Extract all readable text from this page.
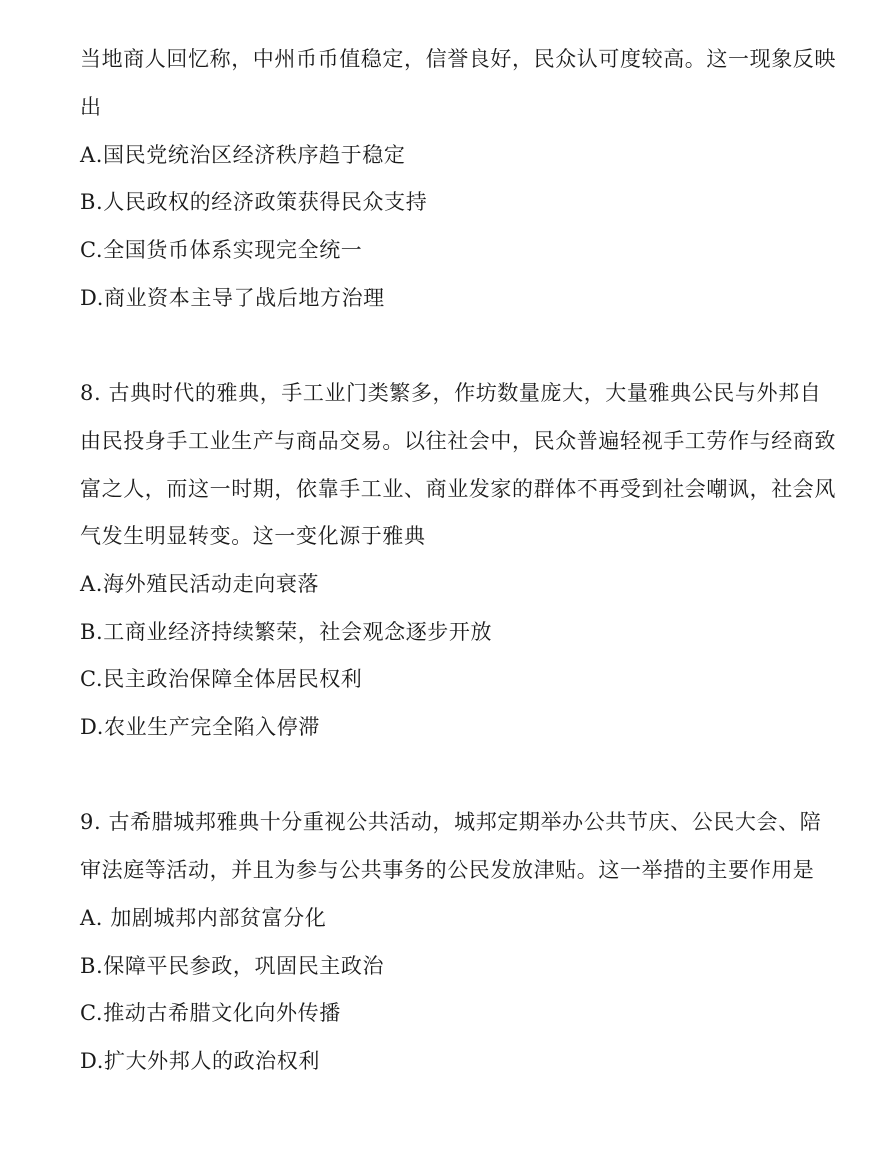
当地商人回忆称，中州币币值稳定，信誉良好，民众认可度较高。这一现象反映
出
A.国民党统治区经济秩序趋于稳定
B.人民政权的经济政策获得民众支持
C.全国货币体系实现完全统一
D.商业资本主导了战后地方治理
8. 古典时代的雅典，手工业门类繁多，作坊数量庞大，大量雅典公民与外邦自
由民投身手工业生产与商品交易。以往社会中，民众普遍轻视手工劳作与经商致
富之人，而这一时期，依靠手工业、商业发家的群体不再受到社会嘲讽，社会风
气发生明显转变。这一变化源于雅典
A.海外殖民活动走向衰落
B.工商业经济持续繁荣，社会观念逐步开放
C.民主政治保障全体居民权利
D.农业生产完全陷入停滞
9. 古希腊城邦雅典十分重视公共活动，城邦定期举办公共节庆、公民大会、陪
审法庭等活动，并且为参与公共事务的公民发放津贴。这一举措的主要作用是
A. 加剧城邦内部贫富分化
B.保障平民参政，巩固民主政治
C.推动古希腊文化向外传播
D.扩大外邦人的政治权利
